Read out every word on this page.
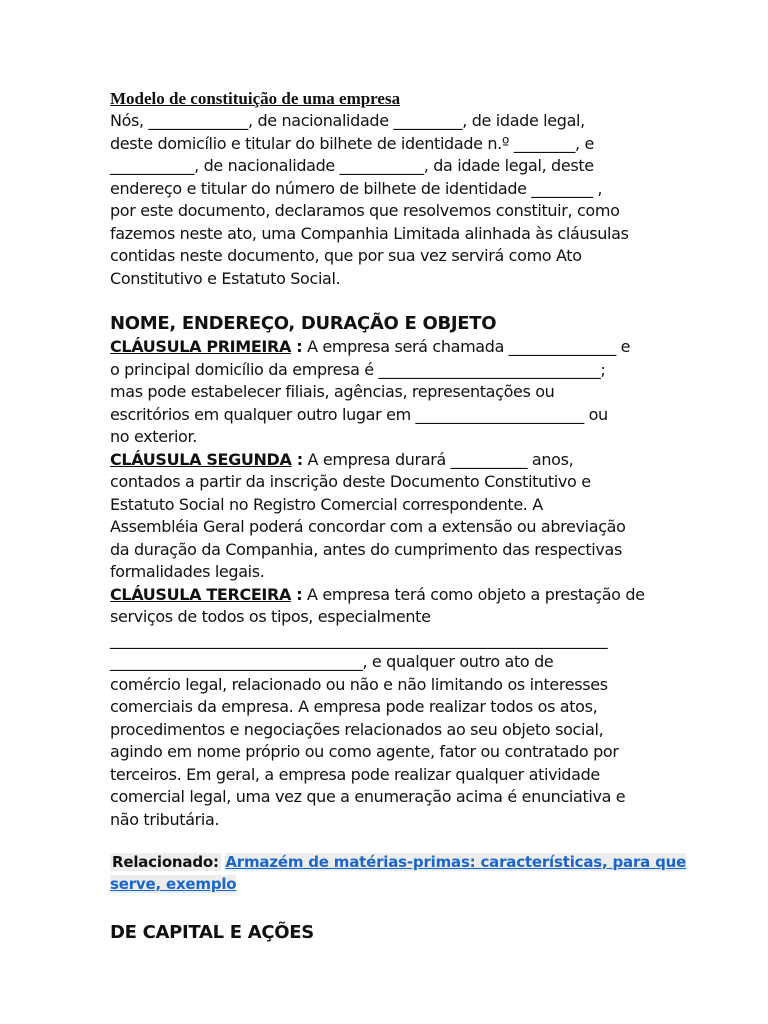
Modelo de constituição de uma empresa

Nós, _____________, de nacionalidade _________, de idade legal,
deste domicílio e titular do bilhete de identidade n.º ________, e
___________, de nacionalidade ___________, da idade legal, deste
endereço e titular do número de bilhete de identidade ________ ,
por este documento, declaramos que resolvemos constituir, como
fazemos neste ato, uma Companhia Limitada alinhada às cláusulas
contidas neste documento, que por sua vez servirá como Ato
Constitutivo e Estatuto Social.

NOME, ENDEREÇO, DURAÇÃO E OBJETO

CLÁUSULA PRIMEIRA : A empresa será chamada ______________ e
o principal domicílio da empresa é _____________________________;
mas pode estabelecer filiais, agências, representações ou
escritórios em qualquer outro lugar em ______________________ ou
no exterior.

CLÁUSULA SEGUNDA : A empresa durará __________ anos,
contados a partir da inscrição deste Documento Constitutivo e
Estatuto Social no Registro Comercial correspondente. A
Assembléia Geral poderá concordar com a extensão ou abreviação
da duração da Companhia, antes do cumprimento das respectivas
formalidades legais.

CLÁUSULA TERCEIRA : A empresa terá como objeto a prestação de
serviços de todos os tipos, especialmente
_________________________________________________________________
_________________________________, e qualquer outro ato de
comércio legal, relacionado ou não e não limitando os interesses
comerciais da empresa. A empresa pode realizar todos os atos,
procedimentos e negociações relacionados ao seu objeto social,
agindo em nome próprio ou como agente, fator ou contratado por
terceiros. Em geral, a empresa pode realizar qualquer atividade
comercial legal, uma vez que a enumeração acima é enunciativa e
não tributária.

Relacionado: Armazém de matérias-primas: características, para que
serve, exemplo
DE CAPITAL E AÇÕES
